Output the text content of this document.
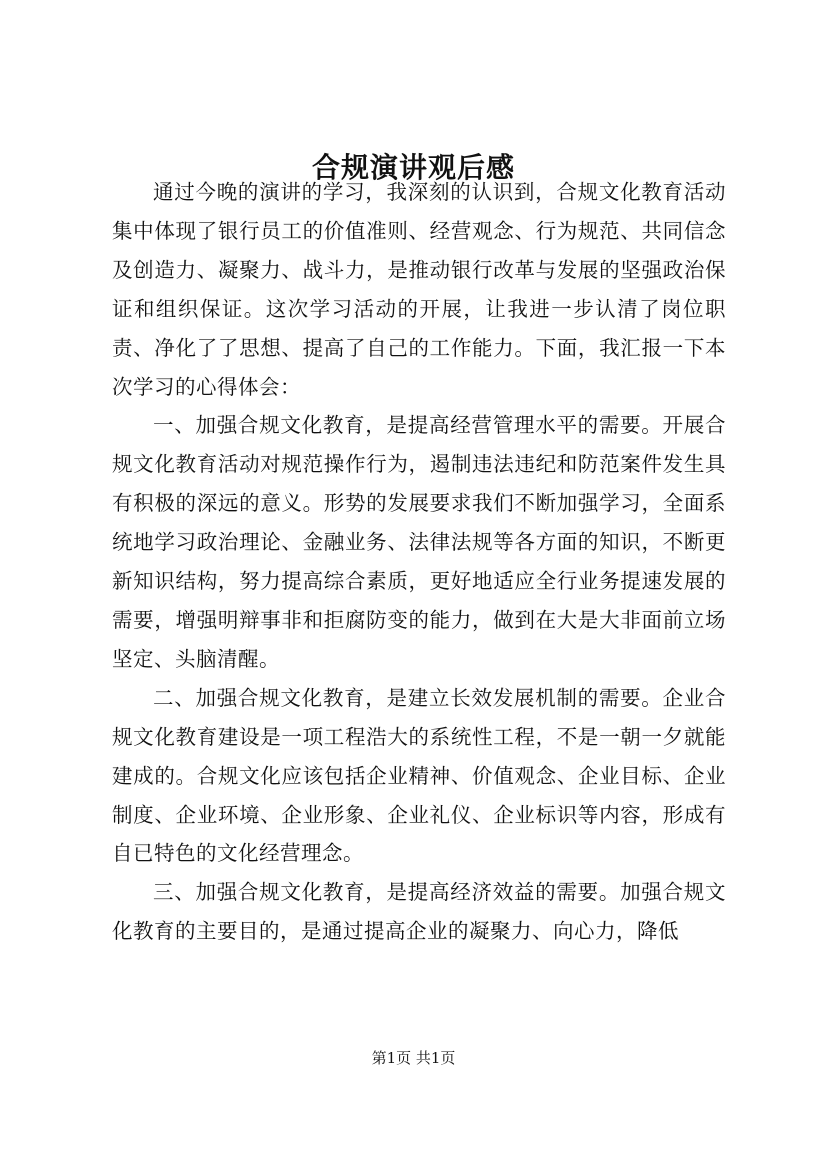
合规演讲观后感

通过今晚的演讲的学习，我深刻的认识到，合规文化教育活动集中体现了银行员工的价值准则、经营观念、行为规范、共同信念及创造力、凝聚力、战斗力，是推动银行改革与发展的坚强政治保证和组织保证。这次学习活动的开展，让我进一步认清了岗位职责、净化了了思想、提高了自己的工作能力。下面，我汇报一下本次学习的心得体会：

一、加强合规文化教育，是提高经营管理水平的需要。开展合规文化教育活动对规范操作行为，遏制违法违纪和防范案件发生具有积极的深远的意义。形势的发展要求我们不断加强学习，全面系统地学习政治理论、金融业务、法律法规等各方面的知识，不断更新知识结构，努力提高综合素质，更好地适应全行业务提速发展的需要，增强明辩事非和拒腐防变的能力，做到在大是大非面前立场坚定、头脑清醒。

二、加强合规文化教育，是建立长效发展机制的需要。企业合规文化教育建设是一项工程浩大的系统性工程，不是一朝一夕就能建成的。合规文化应该包括企业精神、价值观念、企业目标、企业制度、企业环境、企业形象、企业礼仪、企业标识等内容，形成有自已特色的文化经营理念。

三、加强合规文化教育，是提高经济效益的需要。加强合规文化教育的主要目的，是通过提高企业的凝聚力、向心力，降低

第1页 共1页
